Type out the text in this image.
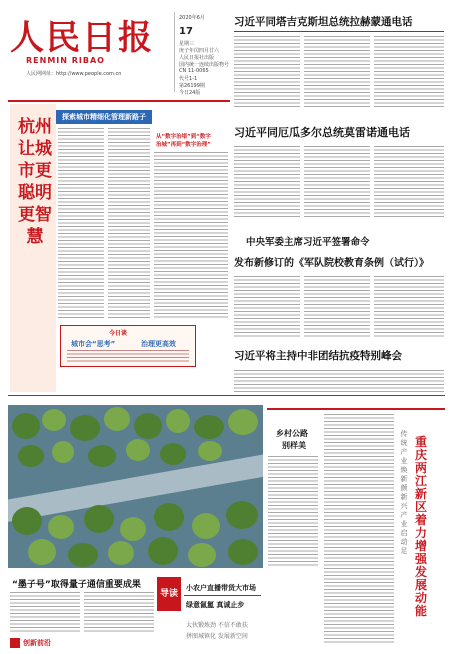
人民日报
RENMIN RIBAO
人民网网址：http://www.people.com.cn
2020年6月
17
星期三
庚子年闰四月廿六
人民日报社出版
国内统一连续出版物号
CN 11-0065
代号1-1
第26199期
今日24版
习近平同塔吉克斯坦总统拉赫蒙通电话
习近平同厄瓜多尔总统莫雷诺通电话
中央军委主席习近平签署命令
发布新修订的《军队院校教育条例（试行）》
杭州 让城市更聪明更智慧
探索城市精细化管理新路子
从“数字治堵”到“数字
治城”再到“数字治理”
今日谈
城市会“思考”	治理更高效
习近平将主持中非团结抗疫特别峰会
乡村公路
别样美
传统产业焕新颜 新兴产业启动足
重庆两江新区着力增强发展动能
“墨子号”取得量子通信重要成果
创新前沿
导读
小农户直播带货大市场
绿意氤氲 真诚止步
大伙锻炼劲 不信不敢扶
拼图城镇化 发展新空间
